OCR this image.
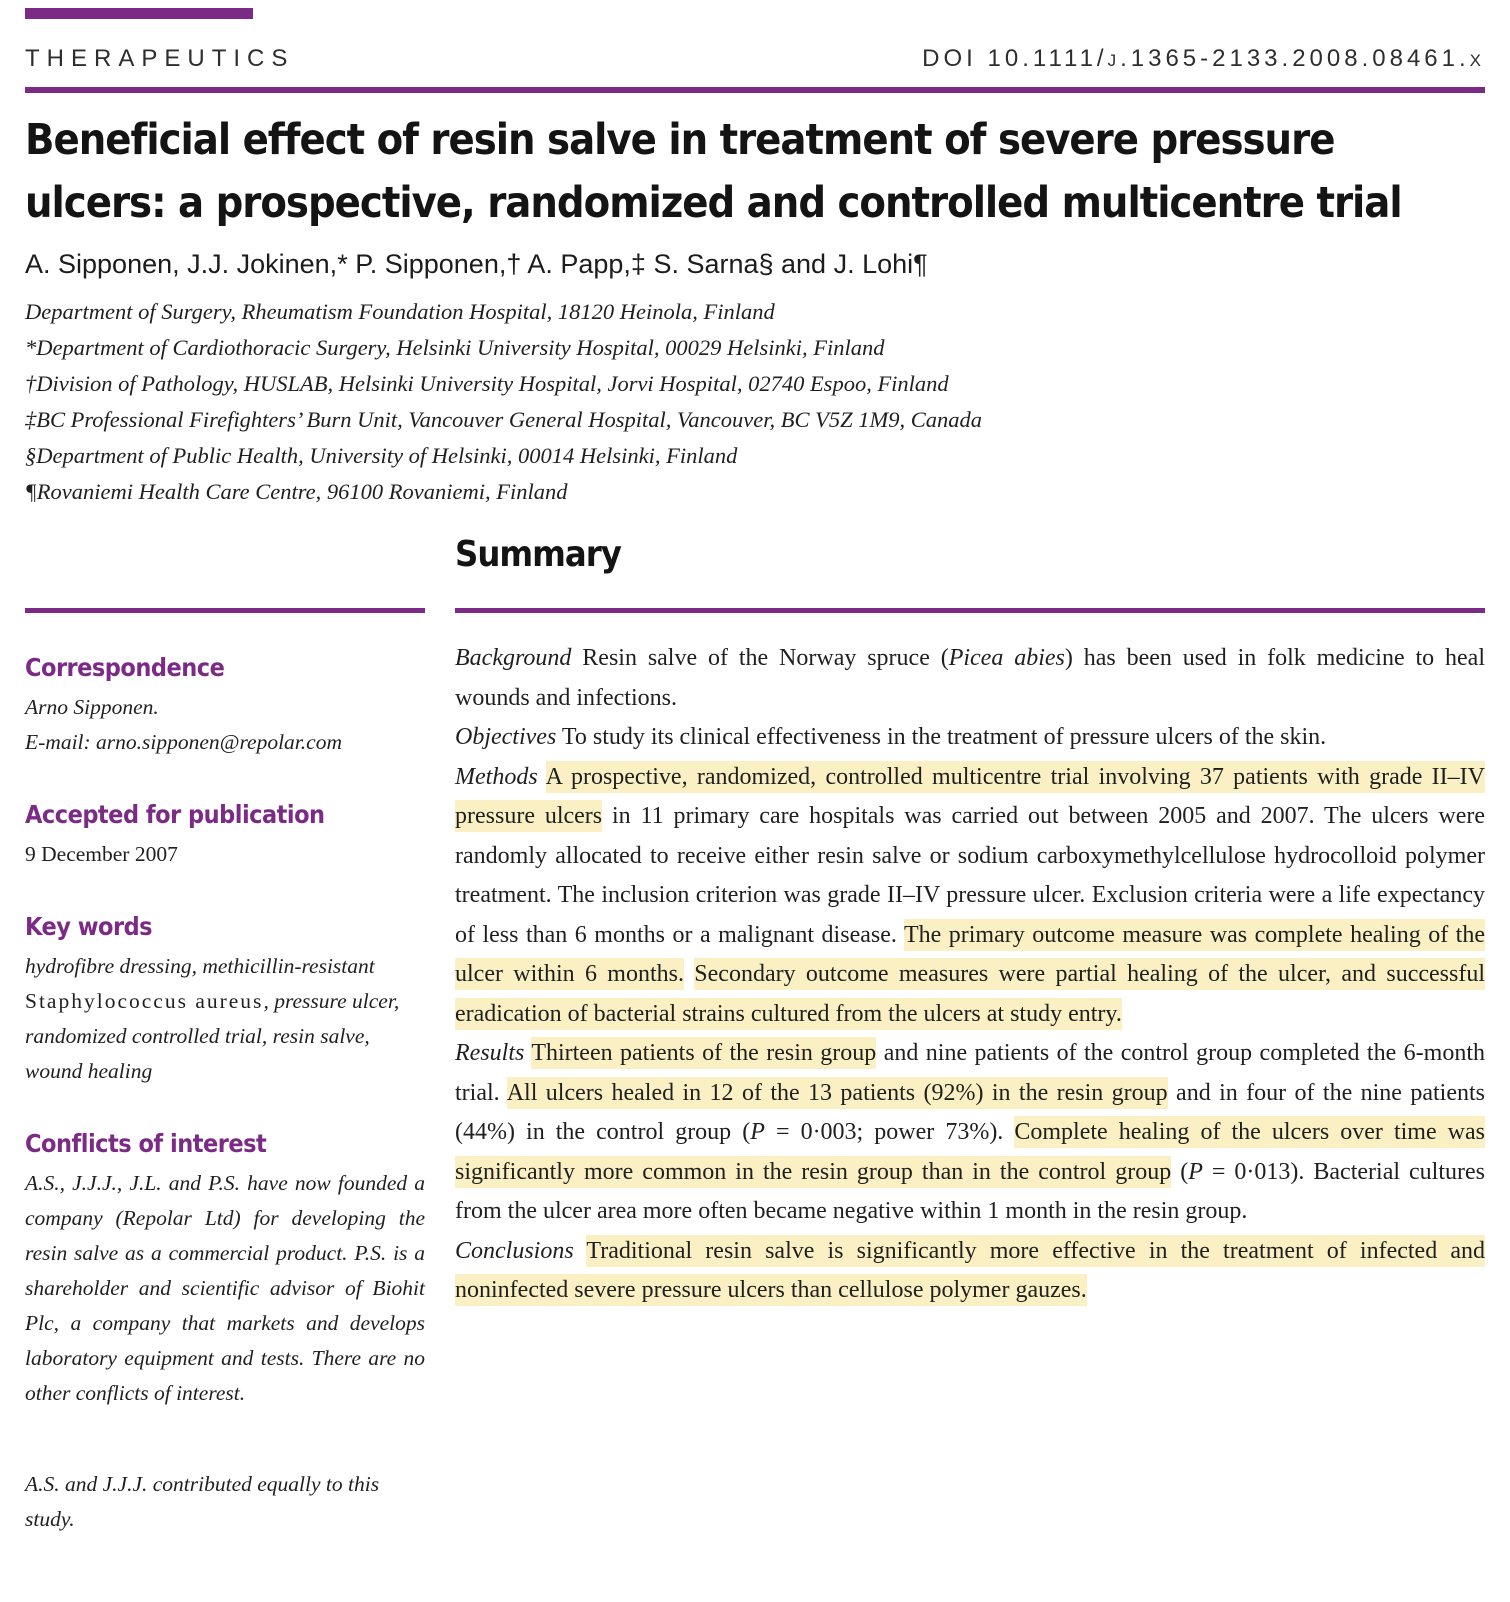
THERAPEUTICS	DOI 10.1111/j.1365-2133.2008.08461.x
Beneficial effect of resin salve in treatment of severe pressure ulcers: a prospective, randomized and controlled multicentre trial
A. Sipponen, J.J. Jokinen,* P. Sipponen,† A. Papp,‡ S. Sarna§ and J. Lohi¶

Department of Surgery, Rheumatism Foundation Hospital, 18120 Heinola, Finland

*Department of Cardiothoracic Surgery, Helsinki University Hospital, 00029 Helsinki, Finland

†Division of Pathology, HUSLAB, Helsinki University Hospital, Jorvi Hospital, 02740 Espoo, Finland

‡BC Professional Firefighters’ Burn Unit, Vancouver General Hospital, Vancouver, BC V5Z 1M9, Canada

§Department of Public Health, University of Helsinki, 00014 Helsinki, Finland

¶Rovaniemi Health Care Centre, 96100 Rovaniemi, Finland

Correspondence

Arno Sipponen.

E-mail: arno.sipponen@repolar.com

Accepted for publication

9 December 2007

Key words

hydrofibre dressing, methicillin-resistant Staphylococcus aureus, pressure ulcer, randomized controlled trial, resin salve, wound healing

Conflicts of interest

A.S., J.J.J., J.L. and P.S. have now founded a company (Repolar Ltd) for developing the resin salve as a commercial product. P.S. is a shareholder and scientific advisor of Biohit Plc, a company that markets and develops laboratory equipment and tests. There are no other conflicts of interest.

A.S. and J.J.J. contributed equally to this study.

Summary

Background Resin salve of the Norway spruce (Picea abies) has been used in folk medicine to heal wounds and infections.

Objectives To study its clinical effectiveness in the treatment of pressure ulcers of the skin.

Methods A prospective, randomized, controlled multicentre trial involving 37 patients with grade II–IV pressure ulcers in 11 primary care hospitals was carried out between 2005 and 2007. The ulcers were randomly allocated to receive either resin salve or sodium carboxymethylcellulose hydrocolloid polymer treatment. The inclusion criterion was grade II–IV pressure ulcer. Exclusion criteria were a life expectancy of less than 6 months or a malignant disease. The primary outcome measure was complete healing of the ulcer within 6 months. Secondary outcome measures were partial healing of the ulcer, and successful eradication of bacterial strains cultured from the ulcers at study entry.

Results Thirteen patients of the resin group and nine patients of the control group completed the 6-month trial. All ulcers healed in 12 of the 13 patients (92%) in the resin group and in four of the nine patients (44%) in the control group (P = 0·003; power 73%). Complete healing of the ulcers over time was significantly more common in the resin group than in the control group (P = 0·013). Bacterial cultures from the ulcer area more often became negative within 1 month in the resin group.

Conclusions Traditional resin salve is significantly more effective in the treatment of infected and noninfected severe pressure ulcers than cellulose polymer gauzes.
